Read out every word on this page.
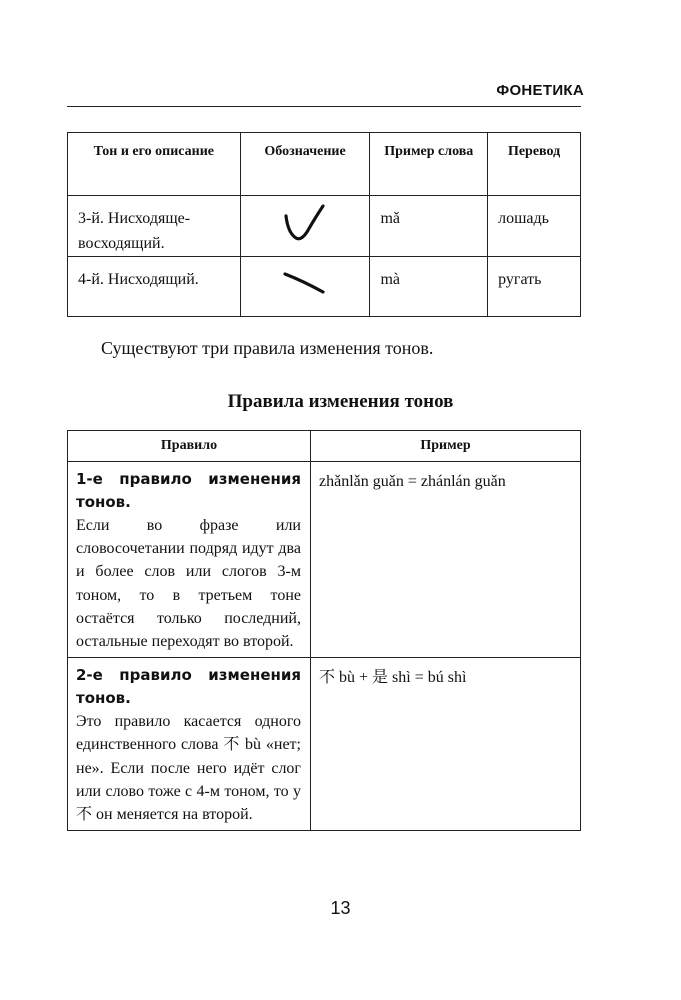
ФОНЕТИКА
Тон и его описание	Обозначение	Пример слова	Перевод
3-й. Нисходяще-восходящий.		mǎ	лошадь
4-й. Нисходящий.		mà	ругать
Существуют три правила изменения тонов.
Правила изменения тонов
Правило	Пример

1-е правило изменения тонов.
Если во фразе или словосочетании подряд идут два и более слов или слогов 3-м тоном, то в третьем тоне остаётся только последний, остальные переходят во второй.	zhǎnlǎn guǎn = zhánlán guǎn

2-е правило изменения тонов.
Это правило касается одного единственного слова 不 bù «нет; не». Если после него идёт слог или слово тоже с 4-м тоном, то у 不 он меняется на второй.	不 bù + 是 shì = bú shì
13
